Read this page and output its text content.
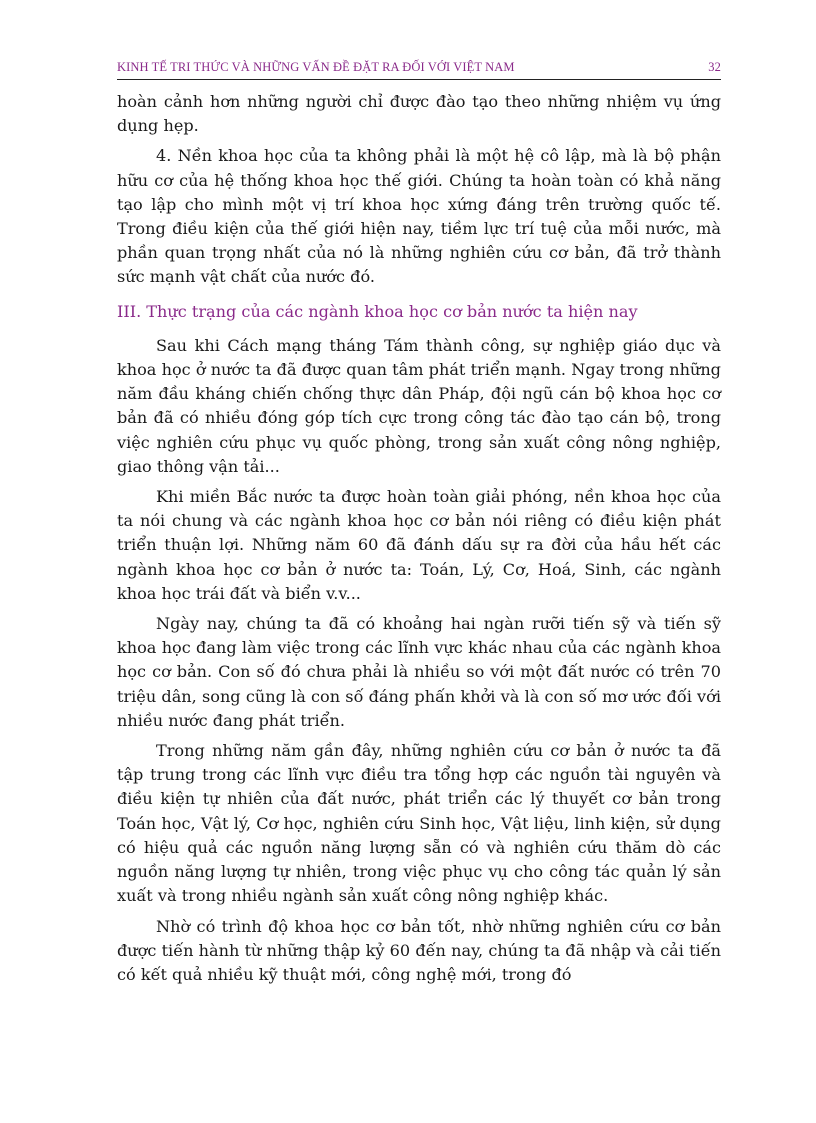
KINH TẾ TRI THỨC VÀ NHỮNG VẤN ĐỀ ĐẶT RA ĐỐI VỚI VIỆT NAM	32

hoàn cảnh hơn những người chỉ được đào tạo theo những nhiệm vụ ứng dụng hẹp.

4. Nền khoa học của ta không phải là một hệ cô lập, mà là bộ phận hữu cơ của hệ thống khoa học thế giới. Chúng ta hoàn toàn có khả năng tạo lập cho mình một vị trí khoa học xứng đáng trên trường quốc tế. Trong điều kiện của thế giới hiện nay, tiềm lực trí tuệ của mỗi nước, mà phần quan trọng nhất của nó là những nghiên cứu cơ bản, đã trở thành sức mạnh vật chất của nước đó.

III. Thực trạng của các ngành khoa học cơ bản nước ta hiện nay

Sau khi Cách mạng tháng Tám thành công, sự nghiệp giáo dục và khoa học ở nước ta đã được quan tâm phát triển mạnh. Ngay trong những năm đầu kháng chiến chống thực dân Pháp, đội ngũ cán bộ khoa học cơ bản đã có nhiều đóng góp tích cực trong công tác đào tạo cán bộ, trong việc nghiên cứu phục vụ quốc phòng, trong sản xuất công nông nghiệp, giao thông vận tải...

Khi miền Bắc nước ta được hoàn toàn giải phóng, nền khoa học của ta nói chung và các ngành khoa học cơ bản nói riêng có điều kiện phát triển thuận lợi. Những năm 60 đã đánh dấu sự ra đời của hầu hết các ngành khoa học cơ bản ở nước ta: Toán, Lý, Cơ, Hoá, Sinh, các ngành khoa học trái đất và biển v.v...

Ngày nay, chúng ta đã có khoảng hai ngàn rưỡi tiến sỹ và tiến sỹ khoa học đang làm việc trong các lĩnh vực khác nhau của các ngành khoa học cơ bản. Con số đó chưa phải là nhiều so với một đất nước có trên 70 triệu dân, song cũng là con số đáng phấn khởi và là con số mơ ước đối với nhiều nước đang phát triển.

Trong những năm gần đây, những nghiên cứu cơ bản ở nước ta đã tập trung trong các lĩnh vực điều tra tổng hợp các nguồn tài nguyên và điều kiện tự nhiên của đất nước, phát triển các lý thuyết cơ bản trong Toán học, Vật lý, Cơ học, nghiên cứu Sinh học, Vật liệu, linh kiện, sử dụng có hiệu quả các nguồn năng lượng sẵn có và nghiên cứu thăm dò các nguồn năng lượng tự nhiên, trong việc phục vụ cho công tác quản lý sản xuất và trong nhiều ngành sản xuất công nông nghiệp khác.

Nhờ có trình độ khoa học cơ bản tốt, nhờ những nghiên cứu cơ bản được tiến hành từ những thập kỷ 60 đến nay, chúng ta đã nhập và cải tiến có kết quả nhiều kỹ thuật mới, công nghệ mới, trong đó
